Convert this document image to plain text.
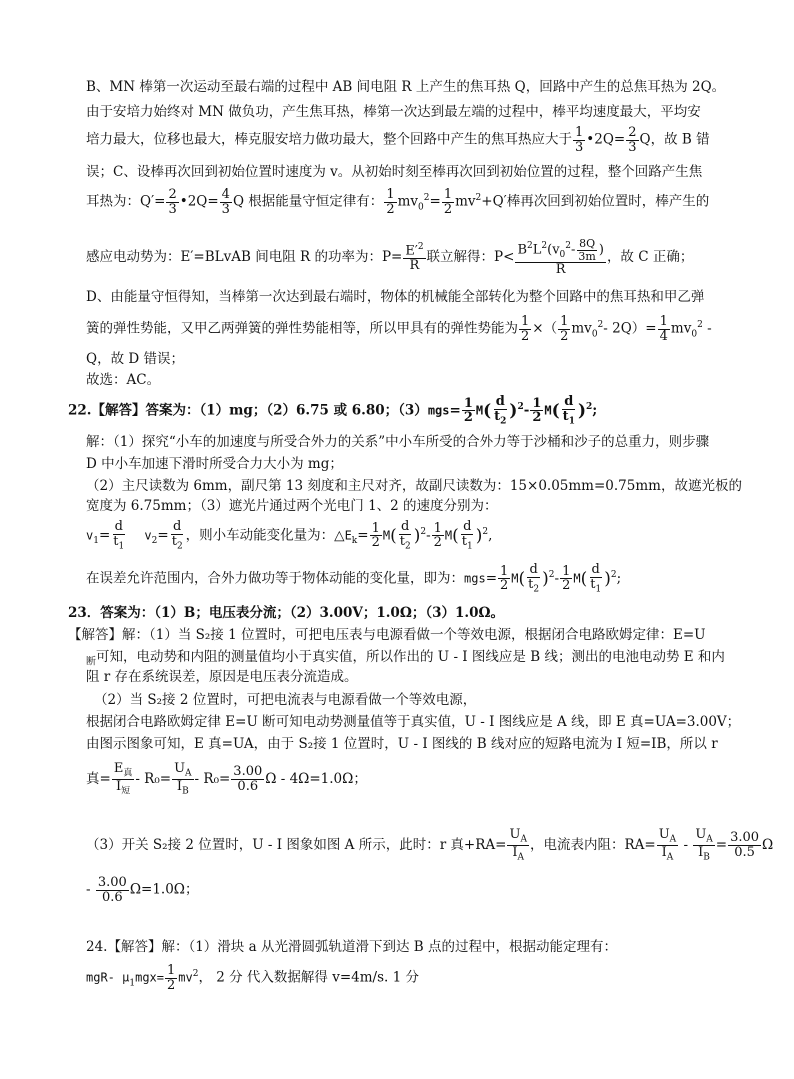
B、MN 棒第一次运动至最右端的过程中 AB 间电阻 R 上产生的焦耳热 Q，回路中产生的总焦耳热为 2Q。
由于安培力始终对 MN 做负功，产生焦耳热，棒第一次达到最左端的过程中，棒平均速度最大，平均安
培力最大，位移也最大，棒克服安培力做功最大，整个回路中产生的焦耳热应大于 $\frac{1}{3}$ •2Q= $\frac{2}{3}$ Q，故 B 错
误；C、设棒再次回到初始位置时速度为 v。从初始时刻至棒再次回到初始位置的过程，整个回路产生焦
耳热为：$Q'= \frac{2}{3}$ •2Q= $\frac{4}{3}$ Q 根据能量守恒定律有： $\frac{1}{2} mv_0^2= \frac{1}{2} mv^2+Q'$棒再次回到初始位置时，棒产生的
感应电动势为：E′=BLvAB 间电阻 R 的功率为：$P= \frac{E'^2}{R}$ 联立解得：$P< \frac{B^2L^2(v_0^2- \frac{8Q}{3m} )}{R}$ ，故 C 正确；
D、由能量守恒得知，当棒第一次达到最右端时，物体的机械能全部转化为整个回路中的焦耳热和甲乙弹
簧的弹性势能，又甲乙两弹簧的弹性势能相等，所以甲具有的弹性势能为 $\frac{1}{2}$ ×（ $\frac{1}{2} mv_0^2-$ $2Q)= \frac{1}{4} mv_0^2$ -
Q，故 D 错误；
故选：AC。
22.【解答】答案为：（1）mg；（2）6.75 或 6.80；$(3)mgs= \frac{1}{2} M( \frac{d}{t_2} )^2- \frac{1}{2} M( \frac{d}{t_1} )^2$;
解：（1）探究“小车的加速度与所受合外力的关系”中小车所受的合外力等于沙桶和沙子的总重力，则步骤
D 中小车加速下滑时所受合力大小为 mg；
（2）主尺读数为 6mm，副尺第 13 刻度和主尺对齐，故副尺读数为：15×0.05mm=0.75mm，故遮光板的
宽度为 6.75mm；（3）遮光片通过两个光电门 1、2 的速度分别为：
$v_1= \frac{d}{t_1} v_2= \frac{d}{t_2}$ ，则小车动能变化量为：$\triangle E_k= \frac{1}{2} M( \frac{d}{t_2} )^2- \frac{1}{2} M( \frac{d}{t_1} )^2$,
在误差允许范围内，合外力做功等于物体动能的变化量，即为：$mgs= \frac{1}{2} M( \frac{d}{t_2} )^2- \frac{1}{2} M( \frac{d}{t_1} )^2$;
23．答案为：（1）B；电压表分流；（2）3.00V；1.0Ω；（3）1.0Ω。
【解答】解：（1）当 S₂接 1 位置时，可把电压表与电源看做一个等效电源，根据闭合电路欧姆定律：E=U
$_断$可知，电动势和内阻的测量值均小于真实值，所以作出的 U - I 图线应是 B 线；测出的电池电动势 E 和内
阻 r 存在系统误差，原因是电压表分流造成。
（2）当 S₂接 2 位置时，可把电流表与电源看做一个等效电源，
根据闭合电路欧姆定律 E=U 断可知电动势测量值等于真实值，U - I 图线应是 A 线，即 E 真=UA=3.00V；
由图示图象可知，E 真=UA，由于 S₂接 1 位置时，U - I 图线的 B 线对应的短路电流为 I 短=IB，所以 r
真=
$E_真$
$I_短$
- $R_0= \frac{U_A}{I_B} - R_0= \frac{3.00}{0.6}$ Ω - 4Ω=1.0Ω；
（3）开关 S₂接 2 位置时，U - I 图象如图 A 所示，此时：r 真$+RA= \frac{U_A}{I_A}$ ，电流表内阻：$RA= \frac{U_A}{I_A} - \frac{U_A}{I_B} = \frac{3.00}{0.5}$ Ω
- $\frac{3.00}{0.6} \Omega=1.0\Omega$；
24.【解答】解：（1）滑块 a 从光滑圆弧轨道滑下到达 B 点的过程中，根据动能定理有：
mgR- $\mu_1mgx= \frac{1}{2} mv^2$， 2 分 代入数据解得 v=4m/s. 1 分
